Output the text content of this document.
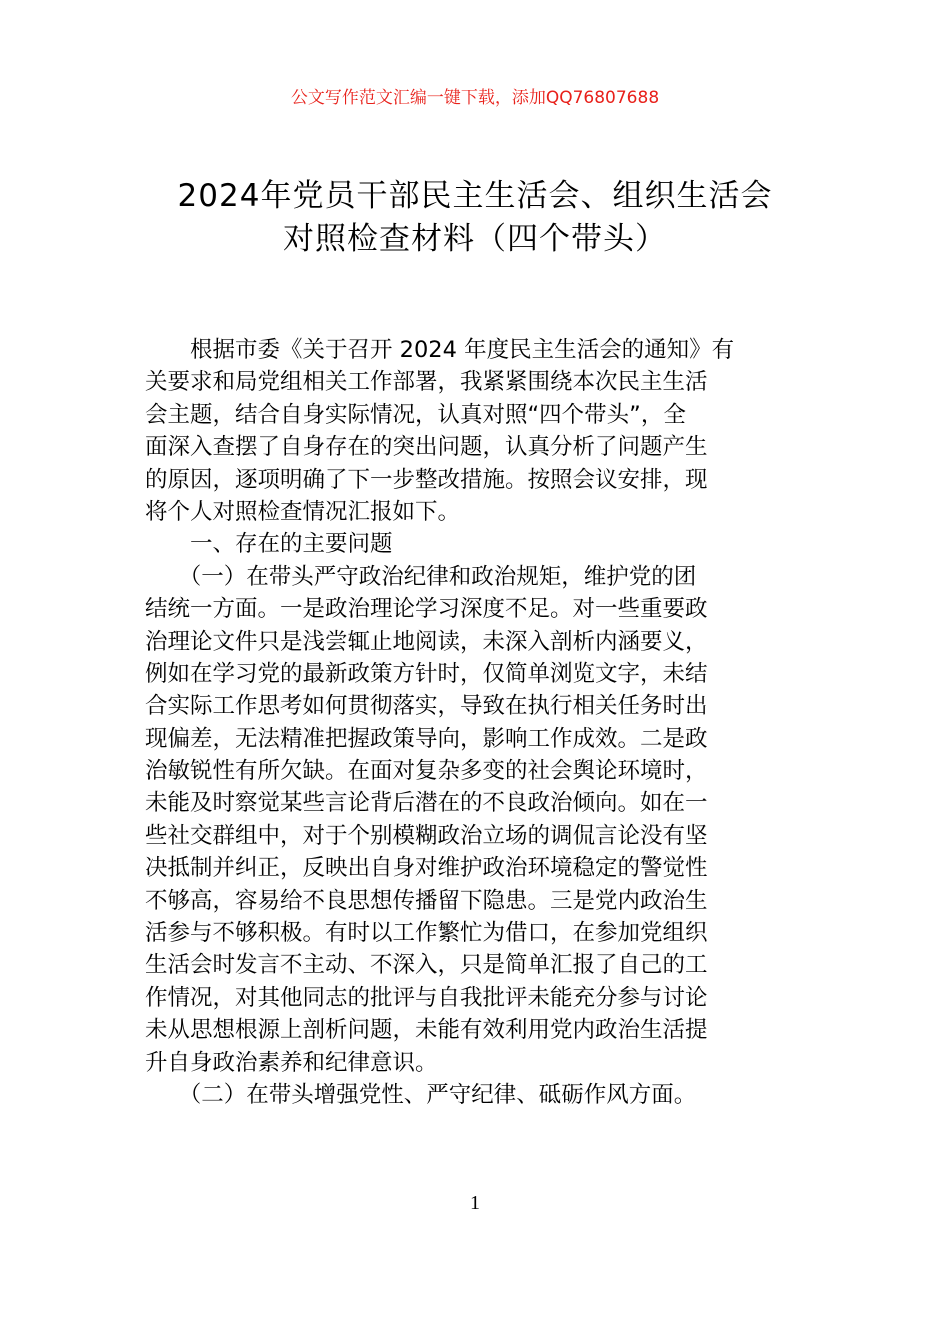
公文写作范文汇编一键下载，添加QQ76807688
2024年党员干部民主生活会、组织生活会
对照检查材料（四个带头）
　　根据市委《关于召开 2024 年度民主生活会的通知》有
关要求和局党组相关工作部署，我紧紧围绕本次民主生活
会主题，结合自身实际情况，认真对照“四个带头”，全
面深入查摆了自身存在的突出问题，认真分析了问题产生
的原因，逐项明确了下一步整改措施。按照会议安排，现
将个人对照检查情况汇报如下。
　　一、存在的主要问题
　　（一）在带头严守政治纪律和政治规矩，维护党的团
结统一方面。一是政治理论学习深度不足。对一些重要政
治理论文件只是浅尝辄止地阅读，未深入剖析内涵要义，
例如在学习党的最新政策方针时，仅简单浏览文字，未结
合实际工作思考如何贯彻落实，导致在执行相关任务时出
现偏差，无法精准把握政策导向，影响工作成效。二是政
治敏锐性有所欠缺。在面对复杂多变的社会舆论环境时，
未能及时察觉某些言论背后潜在的不良政治倾向。如在一
些社交群组中，对于个别模糊政治立场的调侃言论没有坚
决抵制并纠正，反映出自身对维护政治环境稳定的警觉性
不够高，容易给不良思想传播留下隐患。三是党内政治生
活参与不够积极。有时以工作繁忙为借口，在参加党组织
生活会时发言不主动、不深入，只是简单汇报了自己的工
作情况，对其他同志的批评与自我批评未能充分参与讨论
未从思想根源上剖析问题，未能有效利用党内政治生活提
升自身政治素养和纪律意识。
　　（二）在带头增强党性、严守纪律、砥砺作风方面。
1
